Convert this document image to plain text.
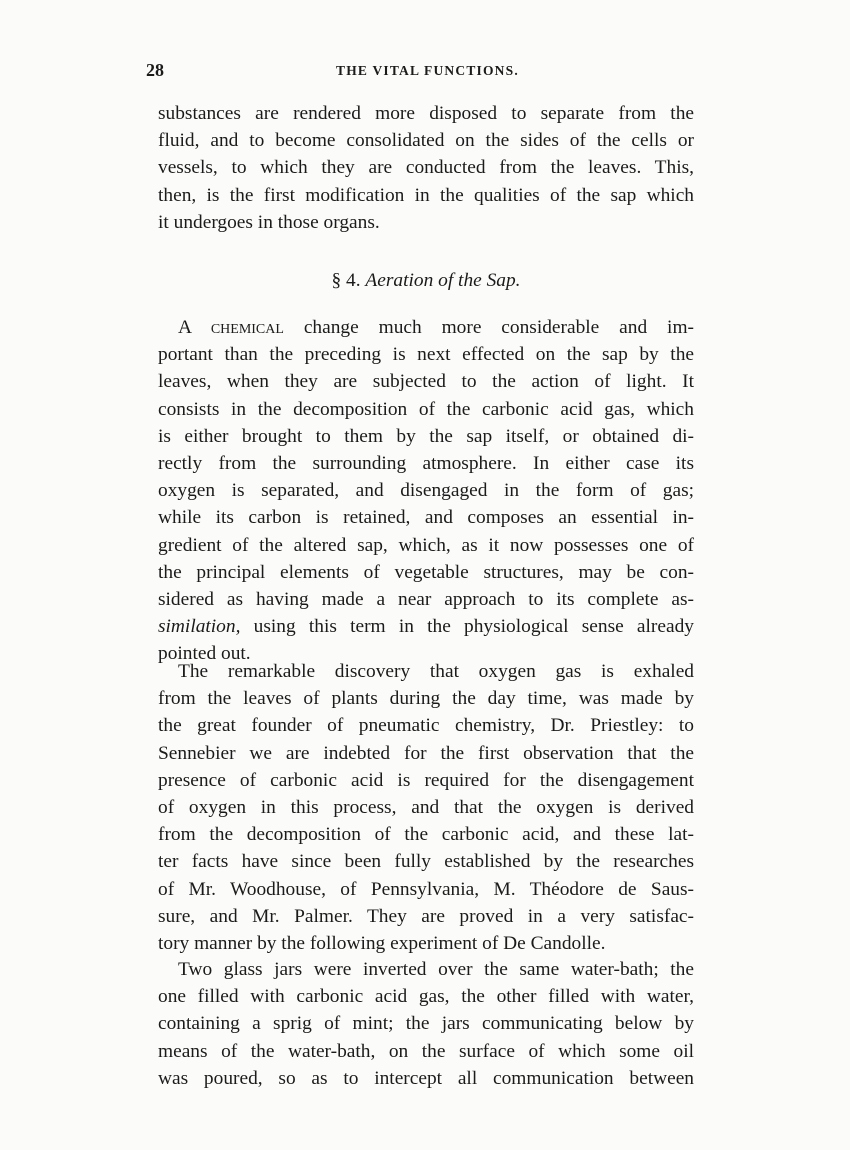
28	THE VITAL FUNCTIONS.
substances are rendered more disposed to separate from the
fluid, and to become consolidated on the sides of the cells or
vessels, to which they are conducted from the leaves. This,
then, is the first modification in the qualities of the sap which
it undergoes in those organs.
§ 4. Aeration of the Sap.
A chemical change much more considerable and im-
portant than the preceding is next effected on the sap by the
leaves, when they are subjected to the action of light. It
consists in the decomposition of the carbonic acid gas, which
is either brought to them by the sap itself, or obtained di-
rectly from the surrounding atmosphere. In either case its
oxygen is separated, and disengaged in the form of gas;
while its carbon is retained, and composes an essential in-
gredient of the altered sap, which, as it now possesses one of
the principal elements of vegetable structures, may be con-
sidered as having made a near approach to its complete as-
similation, using this term in the physiological sense already
pointed out.
The remarkable discovery that oxygen gas is exhaled
from the leaves of plants during the day time, was made by
the great founder of pneumatic chemistry, Dr. Priestley: to
Sennebier we are indebted for the first observation that the
presence of carbonic acid is required for the disengagement
of oxygen in this process, and that the oxygen is derived
from the decomposition of the carbonic acid, and these lat-
ter facts have since been fully established by the researches
of Mr. Woodhouse, of Pennsylvania, M. Théodore de Saus-
sure, and Mr. Palmer. They are proved in a very satisfac-
tory manner by the following experiment of De Candolle.
Two glass jars were inverted over the same water-bath; the
one filled with carbonic acid gas, the other filled with water,
containing a sprig of mint; the jars communicating below by
means of the water-bath, on the surface of which some oil
was poured, so as to intercept all communication between
